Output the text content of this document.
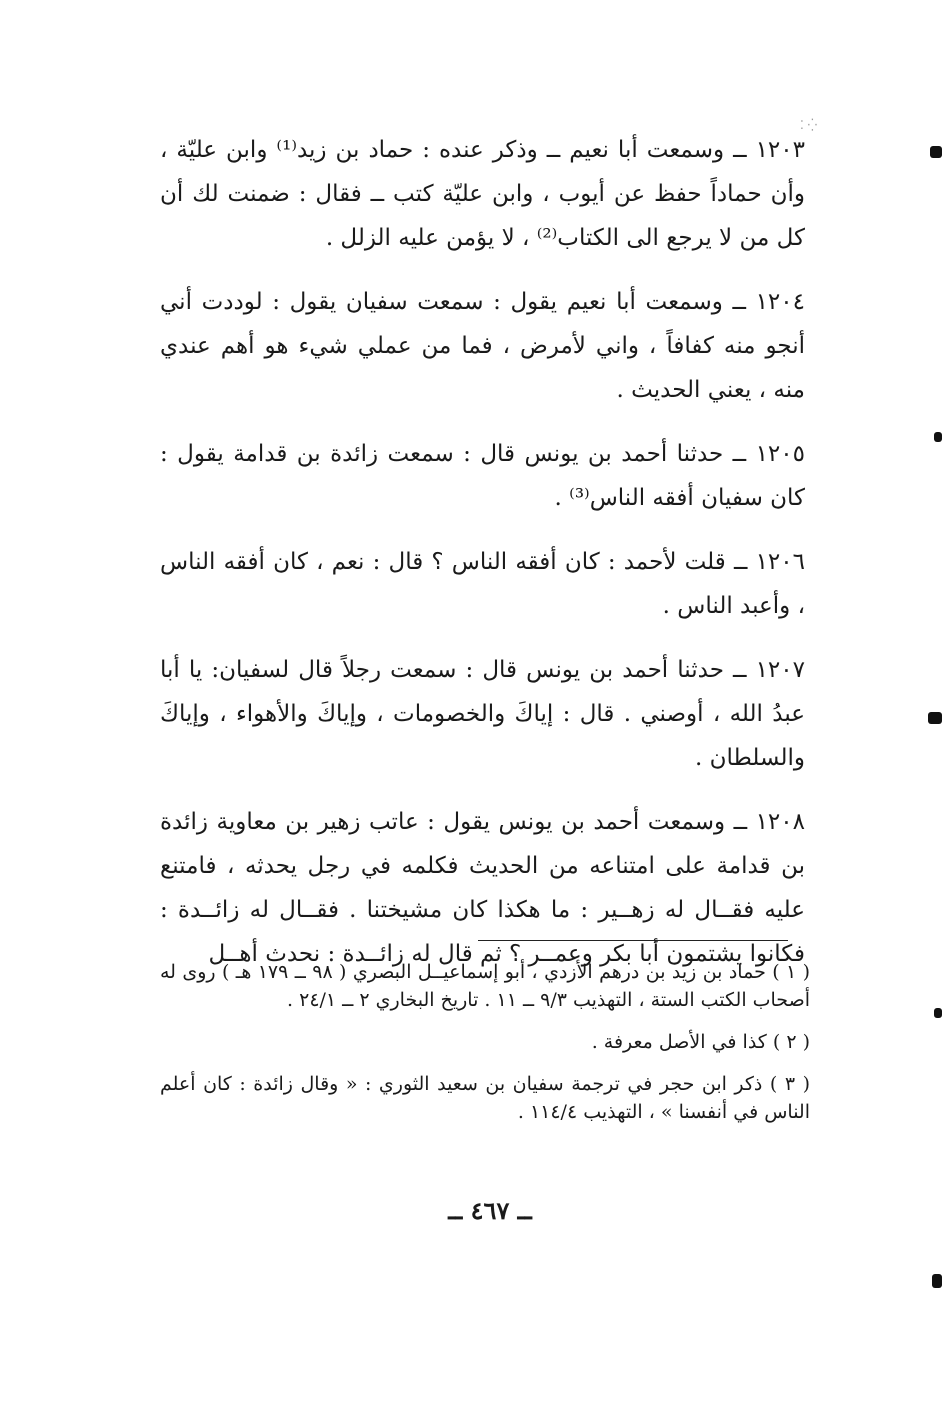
⁚ ⁛

١٢٠٣ ــ وسمعت أبا نعيم ــ وذكر عنده : حماد بن زيد⁽¹⁾ وابن عليّة ، وأن حماداً حفظ عن أيوب ، وابن عليّة كتب ــ فقال : ضمنت لك أن كل من لا يرجع الى الكتاب⁽²⁾ ، لا يؤمن عليه الزلل .

١٢٠٤ ــ وسمعت أبا نعيم يقول : سمعت سفيان يقول : لوددت أني أنجو منه كفافاً ، واني لأمرض ، فما من عملي شيء هو أهم عندي منه ، يعني الحديث .

١٢٠٥ ــ حدثنا أحمد بن يونس قال : سمعت زائدة بن قدامة يقول : كان سفيان أفقه الناس⁽³⁾ .

١٢٠٦ ــ قلت لأحمد : كان أفقه الناس ؟ قال : نعم ، كان أفقه الناس ، وأعبد الناس .

١٢٠٧ ــ حدثنا أحمد بن يونس قال : سمعت رجلاً قال لسفيان: يا أبا عبدُ الله ، أوصني . قال : إياكَ والخصومات ، وإياكَ والأهواء ، وإياكَ والسلطان .

١٢٠٨ ــ وسمعت أحمد بن يونس يقول : عاتب زهير بن معاوية زائدة بن قدامة على امتناعه من الحديث فكلمه في رجل يحدثه ، فامتنع عليه فقــال له زهــير : ما هكذا كان مشيختنا . فقــال له زائــدة : فكانوا يشتمون أبا بكر وعمــر ؟ ثم قال له زائــدة : نحدث أهــل

( ١ ) حماد بن زيد بن درهم الأزدي ، أبو إسماعيــل البصري ( ٩٨ ــ ١٧٩ هـ ) روى له أصحاب الكتب الستة ، التهذيب ٩/٣ ــ ١١ . تاريخ البخاري ٢ ــ ٢٤/١ .

( ٢ ) كذا في الأصل معرفة .

( ٣ ) ذكر ابن حجر في ترجمة سفيان بن سعيد الثوري : « وقال زائدة : كان أعلم الناس في أنفسنا » ، التهذيب ١١٤/٤ .

ــ ٤٦٧ ــ
